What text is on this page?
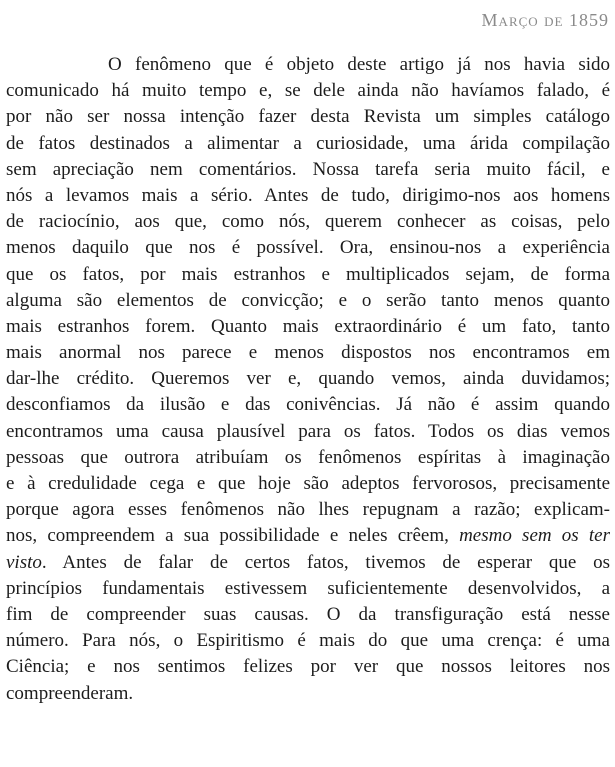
Março de 1859
O fenômeno que é objeto deste artigo já nos havia sido
comunicado há muito tempo e, se dele ainda não havíamos falado, é
por não ser nossa intenção fazer desta Revista um simples catálogo
de fatos destinados a alimentar a curiosidade, uma árida compilação
sem apreciação nem comentários. Nossa tarefa seria muito fácil, e
nós a levamos mais a sério. Antes de tudo, dirigimo-nos aos homens
de raciocínio, aos que, como nós, querem conhecer as coisas, pelo
menos daquilo que nos é possível. Ora, ensinou-nos a experiência
que os fatos, por mais estranhos e multiplicados sejam, de forma
alguma são elementos de convicção; e o serão tanto menos quanto
mais estranhos forem. Quanto mais extraordinário é um fato, tanto
mais anormal nos parece e menos dispostos nos encontramos em
dar-lhe crédito. Queremos ver e, quando vemos, ainda duvidamos;
desconfiamos da ilusão e das conivências. Já não é assim quando
encontramos uma causa plausível para os fatos. Todos os dias vemos
pessoas que outrora atribuíam os fenômenos espíritas à imaginação
e à credulidade cega e que hoje são adeptos fervorosos, precisamente
porque agora esses fenômenos não lhes repugnam a razão; explicam-
nos, compreendem a sua possibilidade e neles crêem, mesmo sem os ter
visto. Antes de falar de certos fatos, tivemos de esperar que os
princípios fundamentais estivessem suficientemente desenvolvidos, a
fim de compreender suas causas. O da transfiguração está nesse
número. Para nós, o Espiritismo é mais do que uma crença: é uma
Ciência; e nos sentimos felizes por ver que nossos leitores nos
compreenderam.
